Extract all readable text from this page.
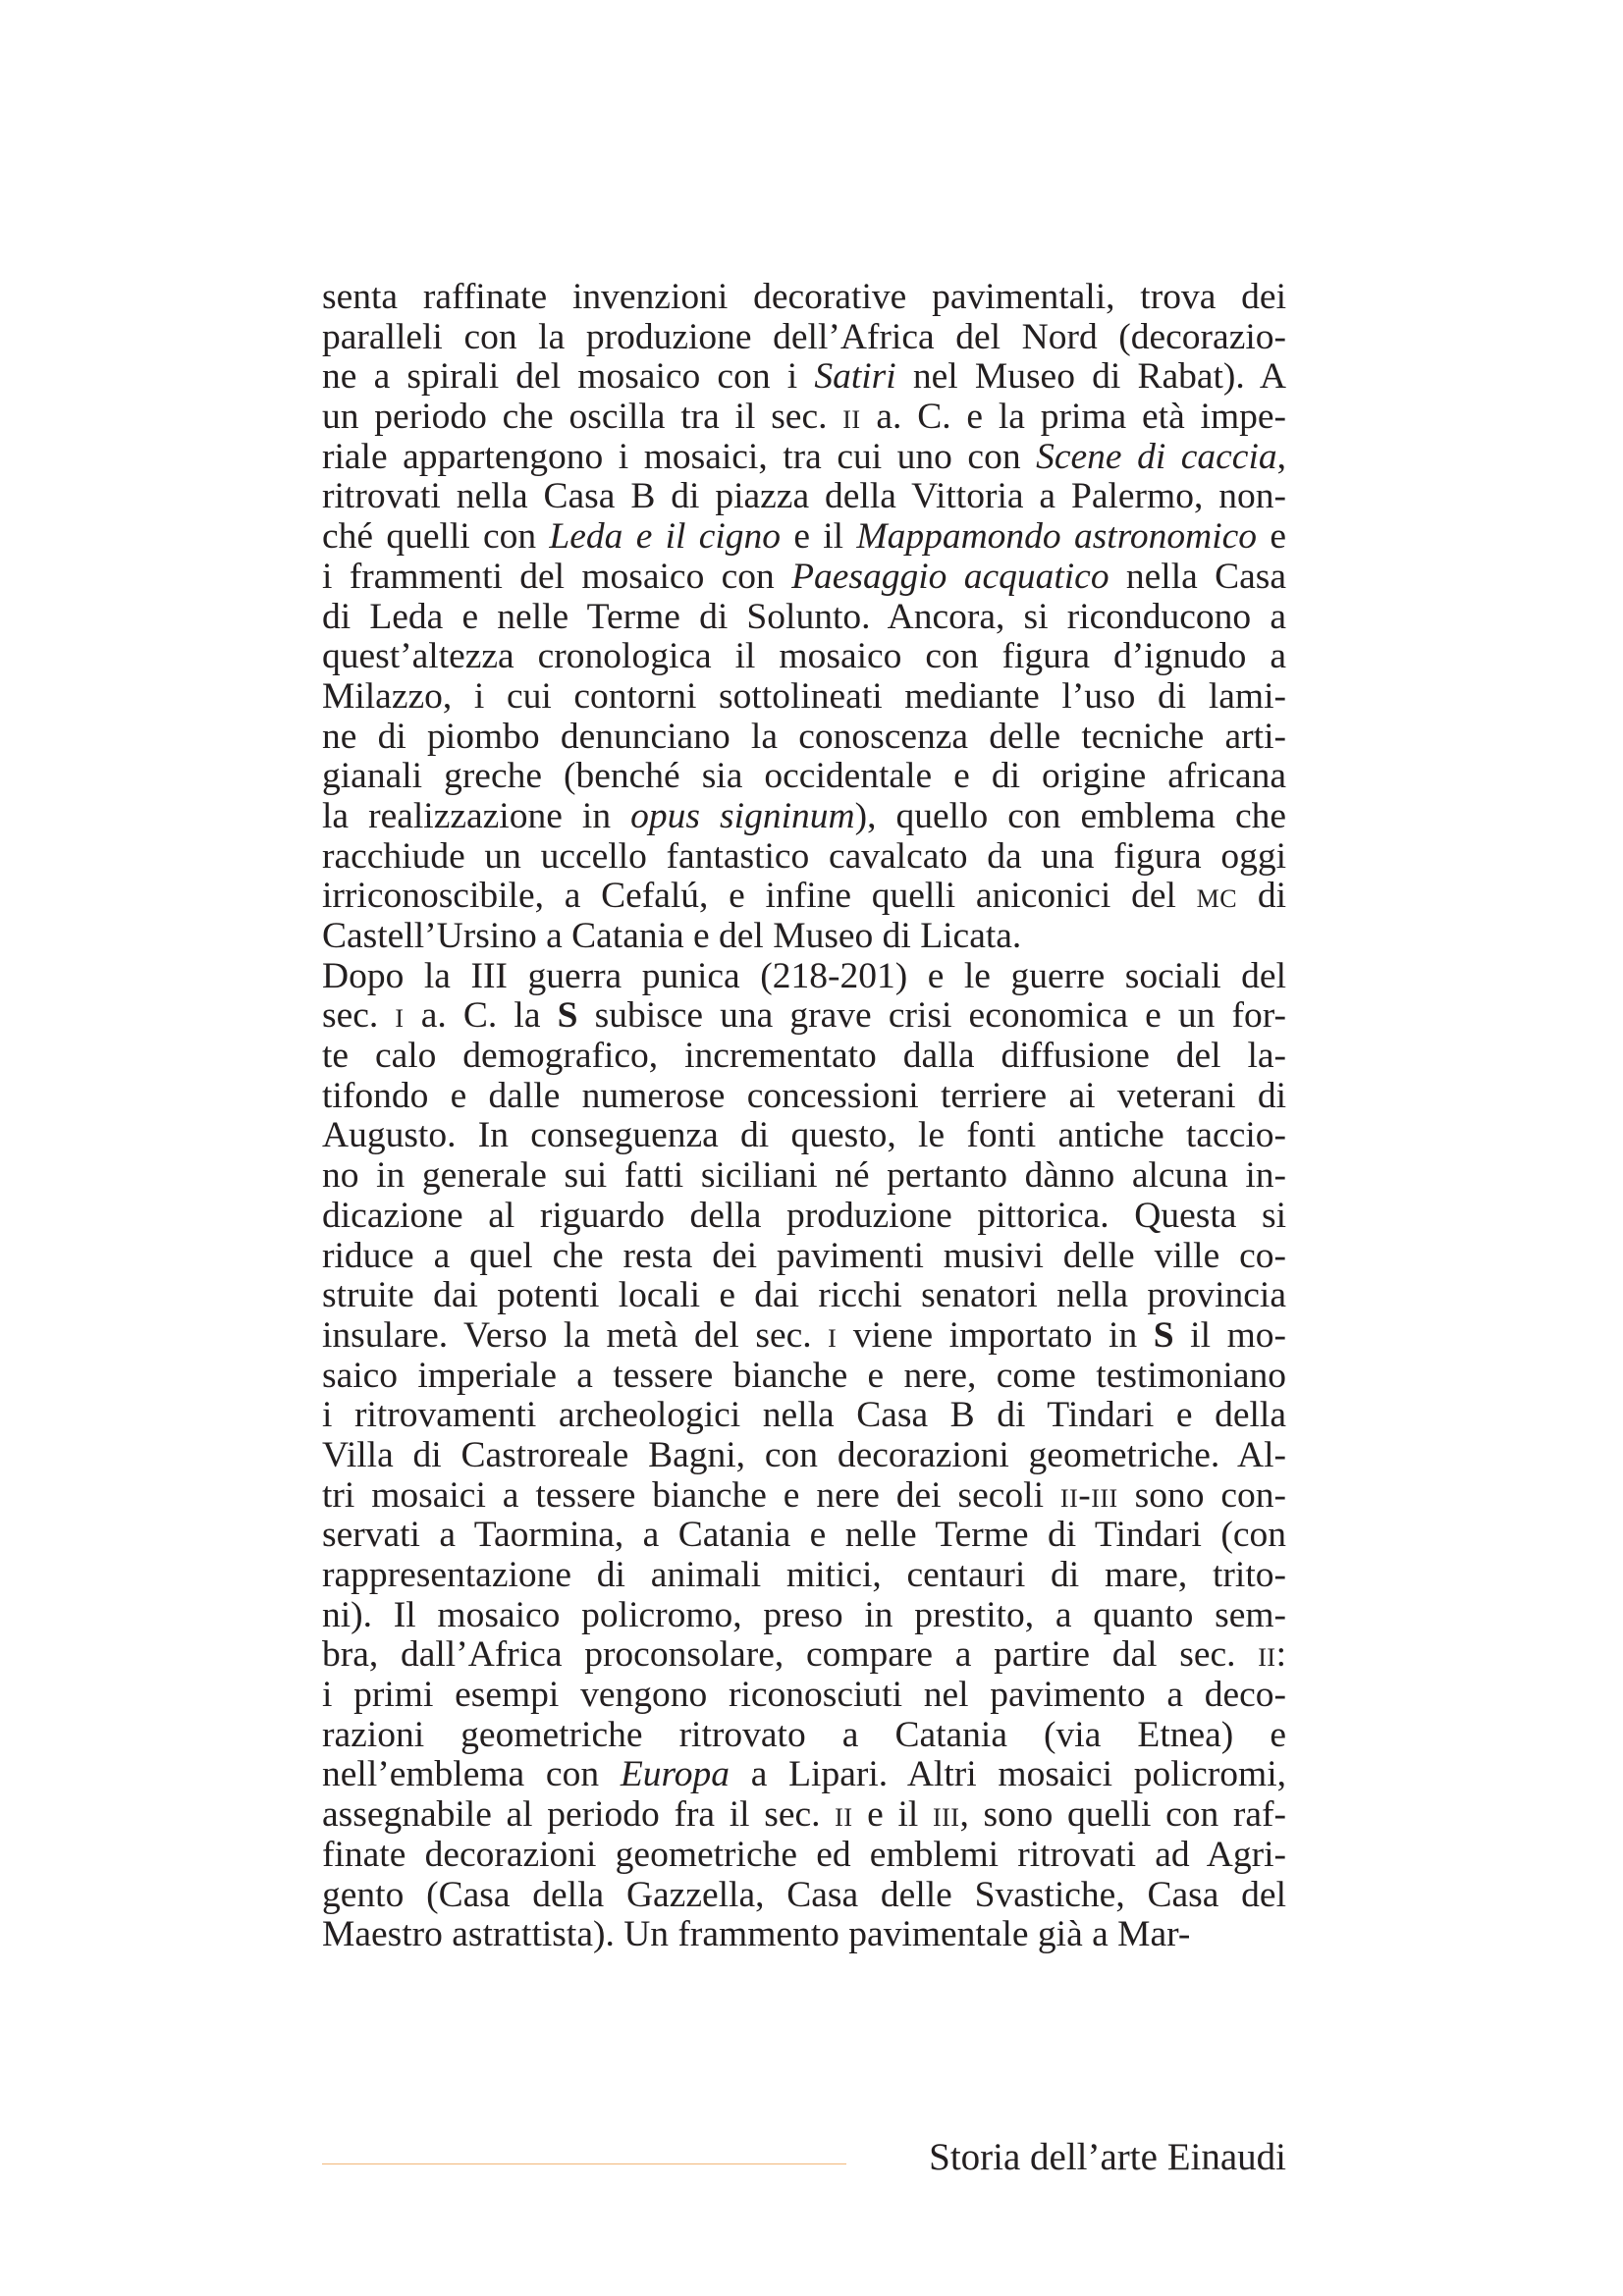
senta raffinate invenzioni decorative pavimentali, trova dei
paralleli con la produzione dell’Africa del Nord (decorazio-
ne a spirali del mosaico con i Satiri nel Museo di Rabat). A
un periodo che oscilla tra il sec. ii a. C. e la prima età impe-
riale appartengono i mosaici, tra cui uno con Scene di caccia,
ritrovati nella Casa B di piazza della Vittoria a Palermo, non-
ché quelli con Leda e il cigno e il Mappamondo astronomico e
i frammenti del mosaico con Paesaggio acquatico nella Casa
di Leda e nelle Terme di Solunto. Ancora, si riconducono a
quest’altezza cronologica il mosaico con figura d’ignudo a
Milazzo, i cui contorni sottolineati mediante l’uso di lami-
ne di piombo denunciano la conoscenza delle tecniche arti-
gianali greche (benché sia occidentale e di origine africana
la realizzazione in opus signinum), quello con emblema che
racchiude un uccello fantastico cavalcato da una figura oggi
irriconoscibile, a Cefalú, e infine quelli aniconici del mc di
Castell’Ursino a Catania e del Museo di Licata.
Dopo la III guerra punica (218-201) e le guerre sociali del
sec. i a. C. la S subisce una grave crisi economica e un for-
te calo demografico, incrementato dalla diffusione del la-
tifondo e dalle numerose concessioni terriere ai veterani di
Augusto. In conseguenza di questo, le fonti antiche taccio-
no in generale sui fatti siciliani né pertanto dànno alcuna in-
dicazione al riguardo della produzione pittorica. Questa si
riduce a quel che resta dei pavimenti musivi delle ville co-
struite dai potenti locali e dai ricchi senatori nella provincia
insulare. Verso la metà del sec. i viene importato in S il mo-
saico imperiale a tessere bianche e nere, come testimoniano
i ritrovamenti archeologici nella Casa B di Tindari e della
Villa di Castroreale Bagni, con decorazioni geometriche. Al-
tri mosaici a tessere bianche e nere dei secoli ii-iii sono con-
servati a Taormina, a Catania e nelle Terme di Tindari (con
rappresentazione di animali mitici, centauri di mare, trito-
ni). Il mosaico policromo, preso in prestito, a quanto sem-
bra, dall’Africa proconsolare, compare a partire dal sec. ii:
i primi esempi vengono riconosciuti nel pavimento a deco-
razioni geometriche ritrovato a Catania (via Etnea) e
nell’emblema con Europa a Lipari. Altri mosaici policromi,
assegnabile al periodo fra il sec. ii e il iii, sono quelli con raf-
finate decorazioni geometriche ed emblemi ritrovati ad Agri-
gento (Casa della Gazzella, Casa delle Svastiche, Casa del
Maestro astrattista). Un frammento pavimentale già a Mar-
Storia dell’arte Einaudi
